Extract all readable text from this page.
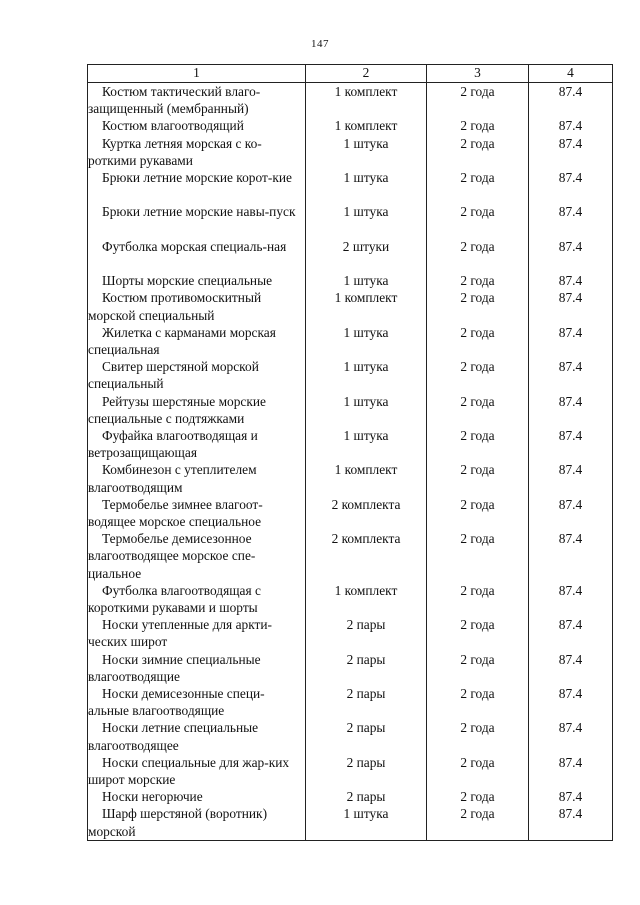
147
1	2	3	4
Костюм тактический влаго-защищенный (мембранный)	1 комплект	2 года	87.4
Костюм влагоотводящий	1 комплект	2 года	87.4
Куртка летняя морская с ко-роткими рукавами	1 штука	2 года	87.4
Брюки летние морские корот-кие	1 штука	2 года	87.4
Брюки летние морские навы-пуск	1 штука	2 года	87.4
Футболка морская специаль-ная	2 штуки	2 года	87.4
Шорты морские специальные	1 штука	2 года	87.4
Костюм противомоскитный морской специальный	1 комплект	2 года	87.4
Жилетка с карманами морская специальная	1 штука	2 года	87.4
Свитер шерстяной морской специальный	1 штука	2 года	87.4
Рейтузы шерстяные морские специальные с подтяжками	1 штука	2 года	87.4
Фуфайка влагоотводящая и ветрозащищающая	1 штука	2 года	87.4
Комбинезон с утеплителем влагоотводящим	1 комплект	2 года	87.4
Термобелье зимнее влагоот-водящее морское специальное	2 комплекта	2 года	87.4
Термобелье демисезонное влагоотводящее морское спе-циальное	2 комплекта	2 года	87.4
Футболка влагоотводящая с короткими рукавами и шорты	1 комплект	2 года	87.4
Носки утепленные для аркти-ческих широт	2 пары	2 года	87.4
Носки зимние специальные влагоотводящие	2 пары	2 года	87.4
Носки демисезонные специ-альные влагоотводящие	2 пары	2 года	87.4
Носки летние специальные влагоотводящее	2 пары	2 года	87.4
Носки специальные для жар-ких широт морские	2 пары	2 года	87.4
Носки негорючие	2 пары	2 года	87.4
Шарф шерстяной (воротник) морской	1 штука	2 года	87.4
